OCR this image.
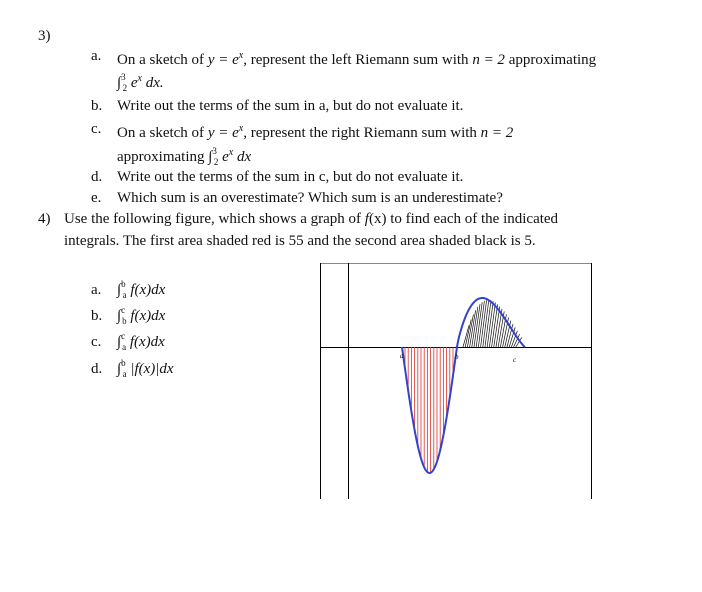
3)
a. On a sketch of $y = e^x$, represent the left Riemann sum with n = 2 approximating
∫$^3_2$ $e^x$ dx.
b. Write out the terms of the sum in a, but do not evaluate it.
c. On a sketch of $y = e^x$, represent the right Riemann sum with n = 2
approximating ∫$^3_2$ $e^x$ dx
d. Write out the terms of the sum in c, but do not evaluate it.
e. Which sum is an overestimate? Which sum is an underestimate?
4) Use the following figure, which shows a graph of f(x) to find each of the indicated
integrals. The first area shaded red is 55 and the second area shaded black is 5.
a. ∫$^b_a$ f(x)dx
b. ∫$^c_b$ f(x)dx
c. ∫$^c_a$ f(x)dx
d. ∫$^b_a$ |f(x)|dx
a	b	c
